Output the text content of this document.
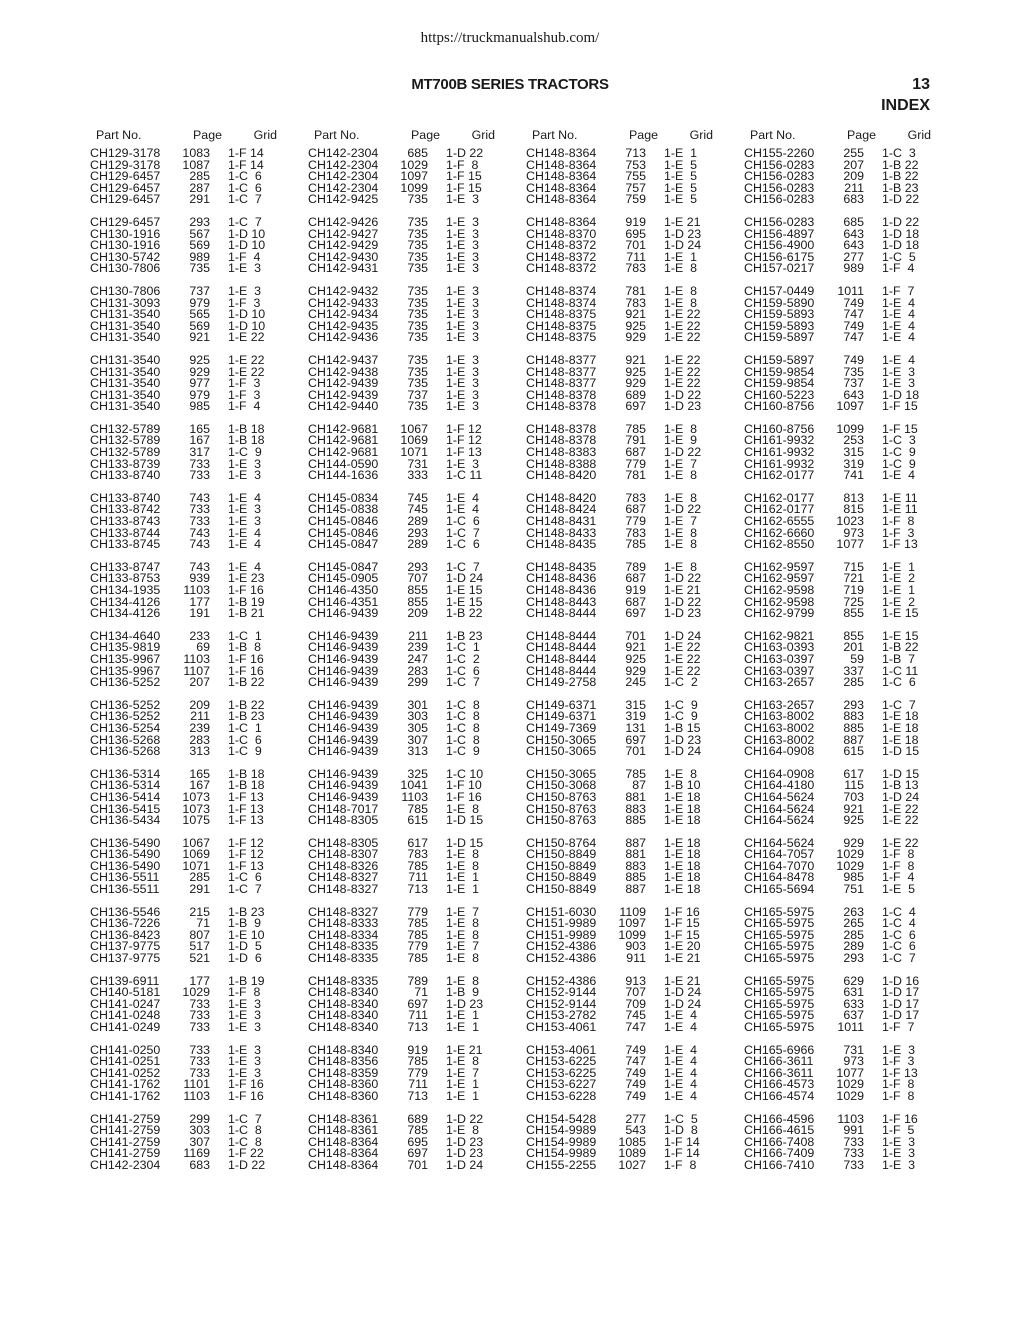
https://truckmanualshub.com/
MT700B SERIES TRACTORS	13
INDEX
Part No.	Page	Grid
CH129-3178	1083	1-F 14
CH129-3178	1087	1-F 14
CH129-6457	285	1-C  6
CH129-6457	287	1-C  6
CH129-6457	291	1-C  7
CH129-6457	293	1-C  7
CH130-1916	567	1-D 10
CH130-1916	569	1-D 10
CH130-5742	989	1-F  4
CH130-7806	735	1-E  3
CH130-7806	737	1-E  3
CH131-3093	979	1-F  3
CH131-3540	565	1-D 10
CH131-3540	569	1-D 10
CH131-3540	921	1-E 22
CH131-3540	925	1-E 22
CH131-3540	929	1-E 22
CH131-3540	977	1-F  3
CH131-3540	979	1-F  3
CH131-3540	985	1-F  4
CH132-5789	165	1-B 18
CH132-5789	167	1-B 18
CH132-5789	317	1-C  9
CH133-8739	733	1-E  3
CH133-8740	733	1-E  3
CH133-8740	743	1-E  4
CH133-8742	733	1-E  3
CH133-8743	733	1-E  3
CH133-8744	743	1-E  4
CH133-8745	743	1-E  4
CH133-8747	743	1-E  4
CH133-8753	939	1-E 23
CH134-1935	1103	1-F 16
CH134-4126	177	1-B 19
CH134-4126	191	1-B 21
CH134-4640	233	1-C  1
CH135-9819	69	1-B  8
CH135-9967	1103	1-F 16
CH135-9967	1107	1-F 16
CH136-5252	207	1-B 22
CH136-5252	209	1-B 22
CH136-5252	211	1-B 23
CH136-5254	239	1-C  1
CH136-5268	283	1-C  6
CH136-5268	313	1-C  9
CH136-5314	165	1-B 18
CH136-5314	167	1-B 18
CH136-5414	1073	1-F 13
CH136-5415	1073	1-F 13
CH136-5434	1075	1-F 13
CH136-5490	1067	1-F 12
CH136-5490	1069	1-F 12
CH136-5490	1071	1-F 13
CH136-5511	285	1-C  6
CH136-5511	291	1-C  7
CH136-5546	215	1-B 23
CH136-7226	71	1-B  9
CH136-8423	807	1-E 10
CH137-9775	517	1-D  5
CH137-9775	521	1-D  6
CH139-6911	177	1-B 19
CH140-5181	1029	1-F  8
CH141-0247	733	1-E  3
CH141-0248	733	1-E  3
CH141-0249	733	1-E  3
CH141-0250	733	1-E  3
CH141-0251	733	1-E  3
CH141-0252	733	1-E  3
CH141-1762	1101	1-F 16
CH141-1762	1103	1-F 16
CH141-2759	299	1-C  7
CH141-2759	303	1-C  8
CH141-2759	307	1-C  8
CH141-2759	1169	1-F 22
CH142-2304	683	1-D 22
Part No.	Page	Grid
CH142-2304	685	1-D 22
CH142-2304	1029	1-F  8
CH142-2304	1097	1-F 15
CH142-2304	1099	1-F 15
CH142-9425	735	1-E  3
CH142-9426	735	1-E  3
CH142-9427	735	1-E  3
CH142-9429	735	1-E  3
CH142-9430	735	1-E  3
CH142-9431	735	1-E  3
CH142-9432	735	1-E  3
CH142-9433	735	1-E  3
CH142-9434	735	1-E  3
CH142-9435	735	1-E  3
CH142-9436	735	1-E  3
CH142-9437	735	1-E  3
CH142-9438	735	1-E  3
CH142-9439	735	1-E  3
CH142-9439	737	1-E  3
CH142-9440	735	1-E  3
CH142-9681	1067	1-F 12
CH142-9681	1069	1-F 12
CH142-9681	1071	1-F 13
CH144-0590	731	1-E  3
CH144-1636	333	1-C 11
CH145-0834	745	1-E  4
CH145-0838	745	1-E  4
CH145-0846	289	1-C  6
CH145-0846	293	1-C  7
CH145-0847	289	1-C  6
CH145-0847	293	1-C  7
CH145-0905	707	1-D 24
CH146-4350	855	1-E 15
CH146-4351	855	1-E 15
CH146-9439	209	1-B 22
CH146-9439	211	1-B 23
CH146-9439	239	1-C  1
CH146-9439	247	1-C  2
CH146-9439	283	1-C  6
CH146-9439	299	1-C  7
CH146-9439	301	1-C  8
CH146-9439	303	1-C  8
CH146-9439	305	1-C  8
CH146-9439	307	1-C  8
CH146-9439	313	1-C  9
CH146-9439	325	1-C 10
CH146-9439	1041	1-F 10
CH146-9439	1103	1-F 16
CH148-7017	785	1-E  8
CH148-8305	615	1-D 15
CH148-8305	617	1-D 15
CH148-8307	783	1-E  8
CH148-8326	785	1-E  8
CH148-8327	711	1-E  1
CH148-8327	713	1-E  1
CH148-8327	779	1-E  7
CH148-8333	785	1-E  8
CH148-8334	785	1-E  8
CH148-8335	779	1-E  7
CH148-8335	785	1-E  8
CH148-8335	789	1-E  8
CH148-8340	71	1-B  9
CH148-8340	697	1-D 23
CH148-8340	711	1-E  1
CH148-8340	713	1-E  1
CH148-8340	919	1-E 21
CH148-8356	785	1-E  8
CH148-8359	779	1-E  7
CH148-8360	711	1-E  1
CH148-8360	713	1-E  1
CH148-8361	689	1-D 22
CH148-8361	785	1-E  8
CH148-8364	695	1-D 23
CH148-8364	697	1-D 23
CH148-8364	701	1-D 24
Part No.	Page	Grid
CH148-8364	713	1-E  1
CH148-8364	753	1-E  5
CH148-8364	755	1-E  5
CH148-8364	757	1-E  5
CH148-8364	759	1-E  5
CH148-8364	919	1-E 21
CH148-8370	695	1-D 23
CH148-8372	701	1-D 24
CH148-8372	711	1-E  1
CH148-8372	783	1-E  8
CH148-8374	781	1-E  8
CH148-8374	783	1-E  8
CH148-8375	921	1-E 22
CH148-8375	925	1-E 22
CH148-8375	929	1-E 22
CH148-8377	921	1-E 22
CH148-8377	925	1-E 22
CH148-8377	929	1-E 22
CH148-8378	689	1-D 22
CH148-8378	697	1-D 23
CH148-8378	785	1-E  8
CH148-8378	791	1-E  9
CH148-8383	687	1-D 22
CH148-8388	779	1-E  7
CH148-8420	781	1-E  8
CH148-8420	783	1-E  8
CH148-8424	687	1-D 22
CH148-8431	779	1-E  7
CH148-8433	783	1-E  8
CH148-8435	785	1-E  8
CH148-8435	789	1-E  8
CH148-8436	687	1-D 22
CH148-8436	919	1-E 21
CH148-8443	687	1-D 22
CH148-8444	697	1-D 23
CH148-8444	701	1-D 24
CH148-8444	921	1-E 22
CH148-8444	925	1-E 22
CH148-8444	929	1-E 22
CH149-2758	245	1-C  2
CH149-6371	315	1-C  9
CH149-6371	319	1-C  9
CH149-7369	131	1-B 15
CH150-3065	697	1-D 23
CH150-3065	701	1-D 24
CH150-3065	785	1-E  8
CH150-3068	87	1-B 10
CH150-8763	881	1-E 18
CH150-8763	883	1-E 18
CH150-8763	885	1-E 18
CH150-8764	887	1-E 18
CH150-8849	881	1-E 18
CH150-8849	883	1-E 18
CH150-8849	885	1-E 18
CH150-8849	887	1-E 18
CH151-6030	1109	1-F 16
CH151-9989	1097	1-F 15
CH151-9989	1099	1-F 15
CH152-4386	903	1-E 20
CH152-4386	911	1-E 21
CH152-4386	913	1-E 21
CH152-9144	707	1-D 24
CH152-9144	709	1-D 24
CH153-2782	745	1-E  4
CH153-4061	747	1-E  4
CH153-4061	749	1-E  4
CH153-6225	747	1-E  4
CH153-6225	749	1-E  4
CH153-6227	749	1-E  4
CH153-6228	749	1-E  4
CH154-5428	277	1-C  5
CH154-9989	543	1-D  8
CH154-9989	1085	1-F 14
CH154-9989	1089	1-F 14
CH155-2255	1027	1-F  8
Part No.	Page	Grid
CH155-2260	255	1-C  3
CH156-0283	207	1-B 22
CH156-0283	209	1-B 22
CH156-0283	211	1-B 23
CH156-0283	683	1-D 22
CH156-0283	685	1-D 22
CH156-4897	643	1-D 18
CH156-4900	643	1-D 18
CH156-6175	277	1-C  5
CH157-0217	989	1-F  4
CH157-0449	1011	1-F  7
CH159-5890	749	1-E  4
CH159-5893	747	1-E  4
CH159-5893	749	1-E  4
CH159-5897	747	1-E  4
CH159-5897	749	1-E  4
CH159-9854	735	1-E  3
CH159-9854	737	1-E  3
CH160-5223	643	1-D 18
CH160-8756	1097	1-F 15
CH160-8756	1099	1-F 15
CH161-9932	253	1-C  3
CH161-9932	315	1-C  9
CH161-9932	319	1-C  9
CH162-0177	741	1-E  4
CH162-0177	813	1-E 11
CH162-0177	815	1-E 11
CH162-6555	1023	1-F  8
CH162-6660	973	1-F  3
CH162-8550	1077	1-F 13
CH162-9597	715	1-E  1
CH162-9597	721	1-E  2
CH162-9598	719	1-E  1
CH162-9598	725	1-E  2
CH162-9799	855	1-E 15
CH162-9821	855	1-E 15
CH163-0393	201	1-B 22
CH163-0397	59	1-B  7
CH163-0397	337	1-C 11
CH163-2657	285	1-C  6
CH163-2657	293	1-C  7
CH163-8002	883	1-E 18
CH163-8002	885	1-E 18
CH163-8002	887	1-E 18
CH164-0908	615	1-D 15
CH164-0908	617	1-D 15
CH164-4180	115	1-B 13
CH164-5624	703	1-D 24
CH164-5624	921	1-E 22
CH164-5624	925	1-E 22
CH164-5624	929	1-E 22
CH164-7057	1029	1-F  8
CH164-7070	1029	1-F  8
CH164-8478	985	1-F  4
CH165-5694	751	1-E  5
CH165-5975	263	1-C  4
CH165-5975	265	1-C  4
CH165-5975	285	1-C  6
CH165-5975	289	1-C  6
CH165-5975	293	1-C  7
CH165-5975	629	1-D 16
CH165-5975	631	1-D 17
CH165-5975	633	1-D 17
CH165-5975	637	1-D 17
CH165-5975	1011	1-F  7
CH165-6966	731	1-E  3
CH166-3611	973	1-F  3
CH166-3611	1077	1-F 13
CH166-4573	1029	1-F  8
CH166-4574	1029	1-F  8
CH166-4596	1103	1-F 16
CH166-4615	991	1-F  5
CH166-7408	733	1-E  3
CH166-7409	733	1-E  3
CH166-7410	733	1-E  3
